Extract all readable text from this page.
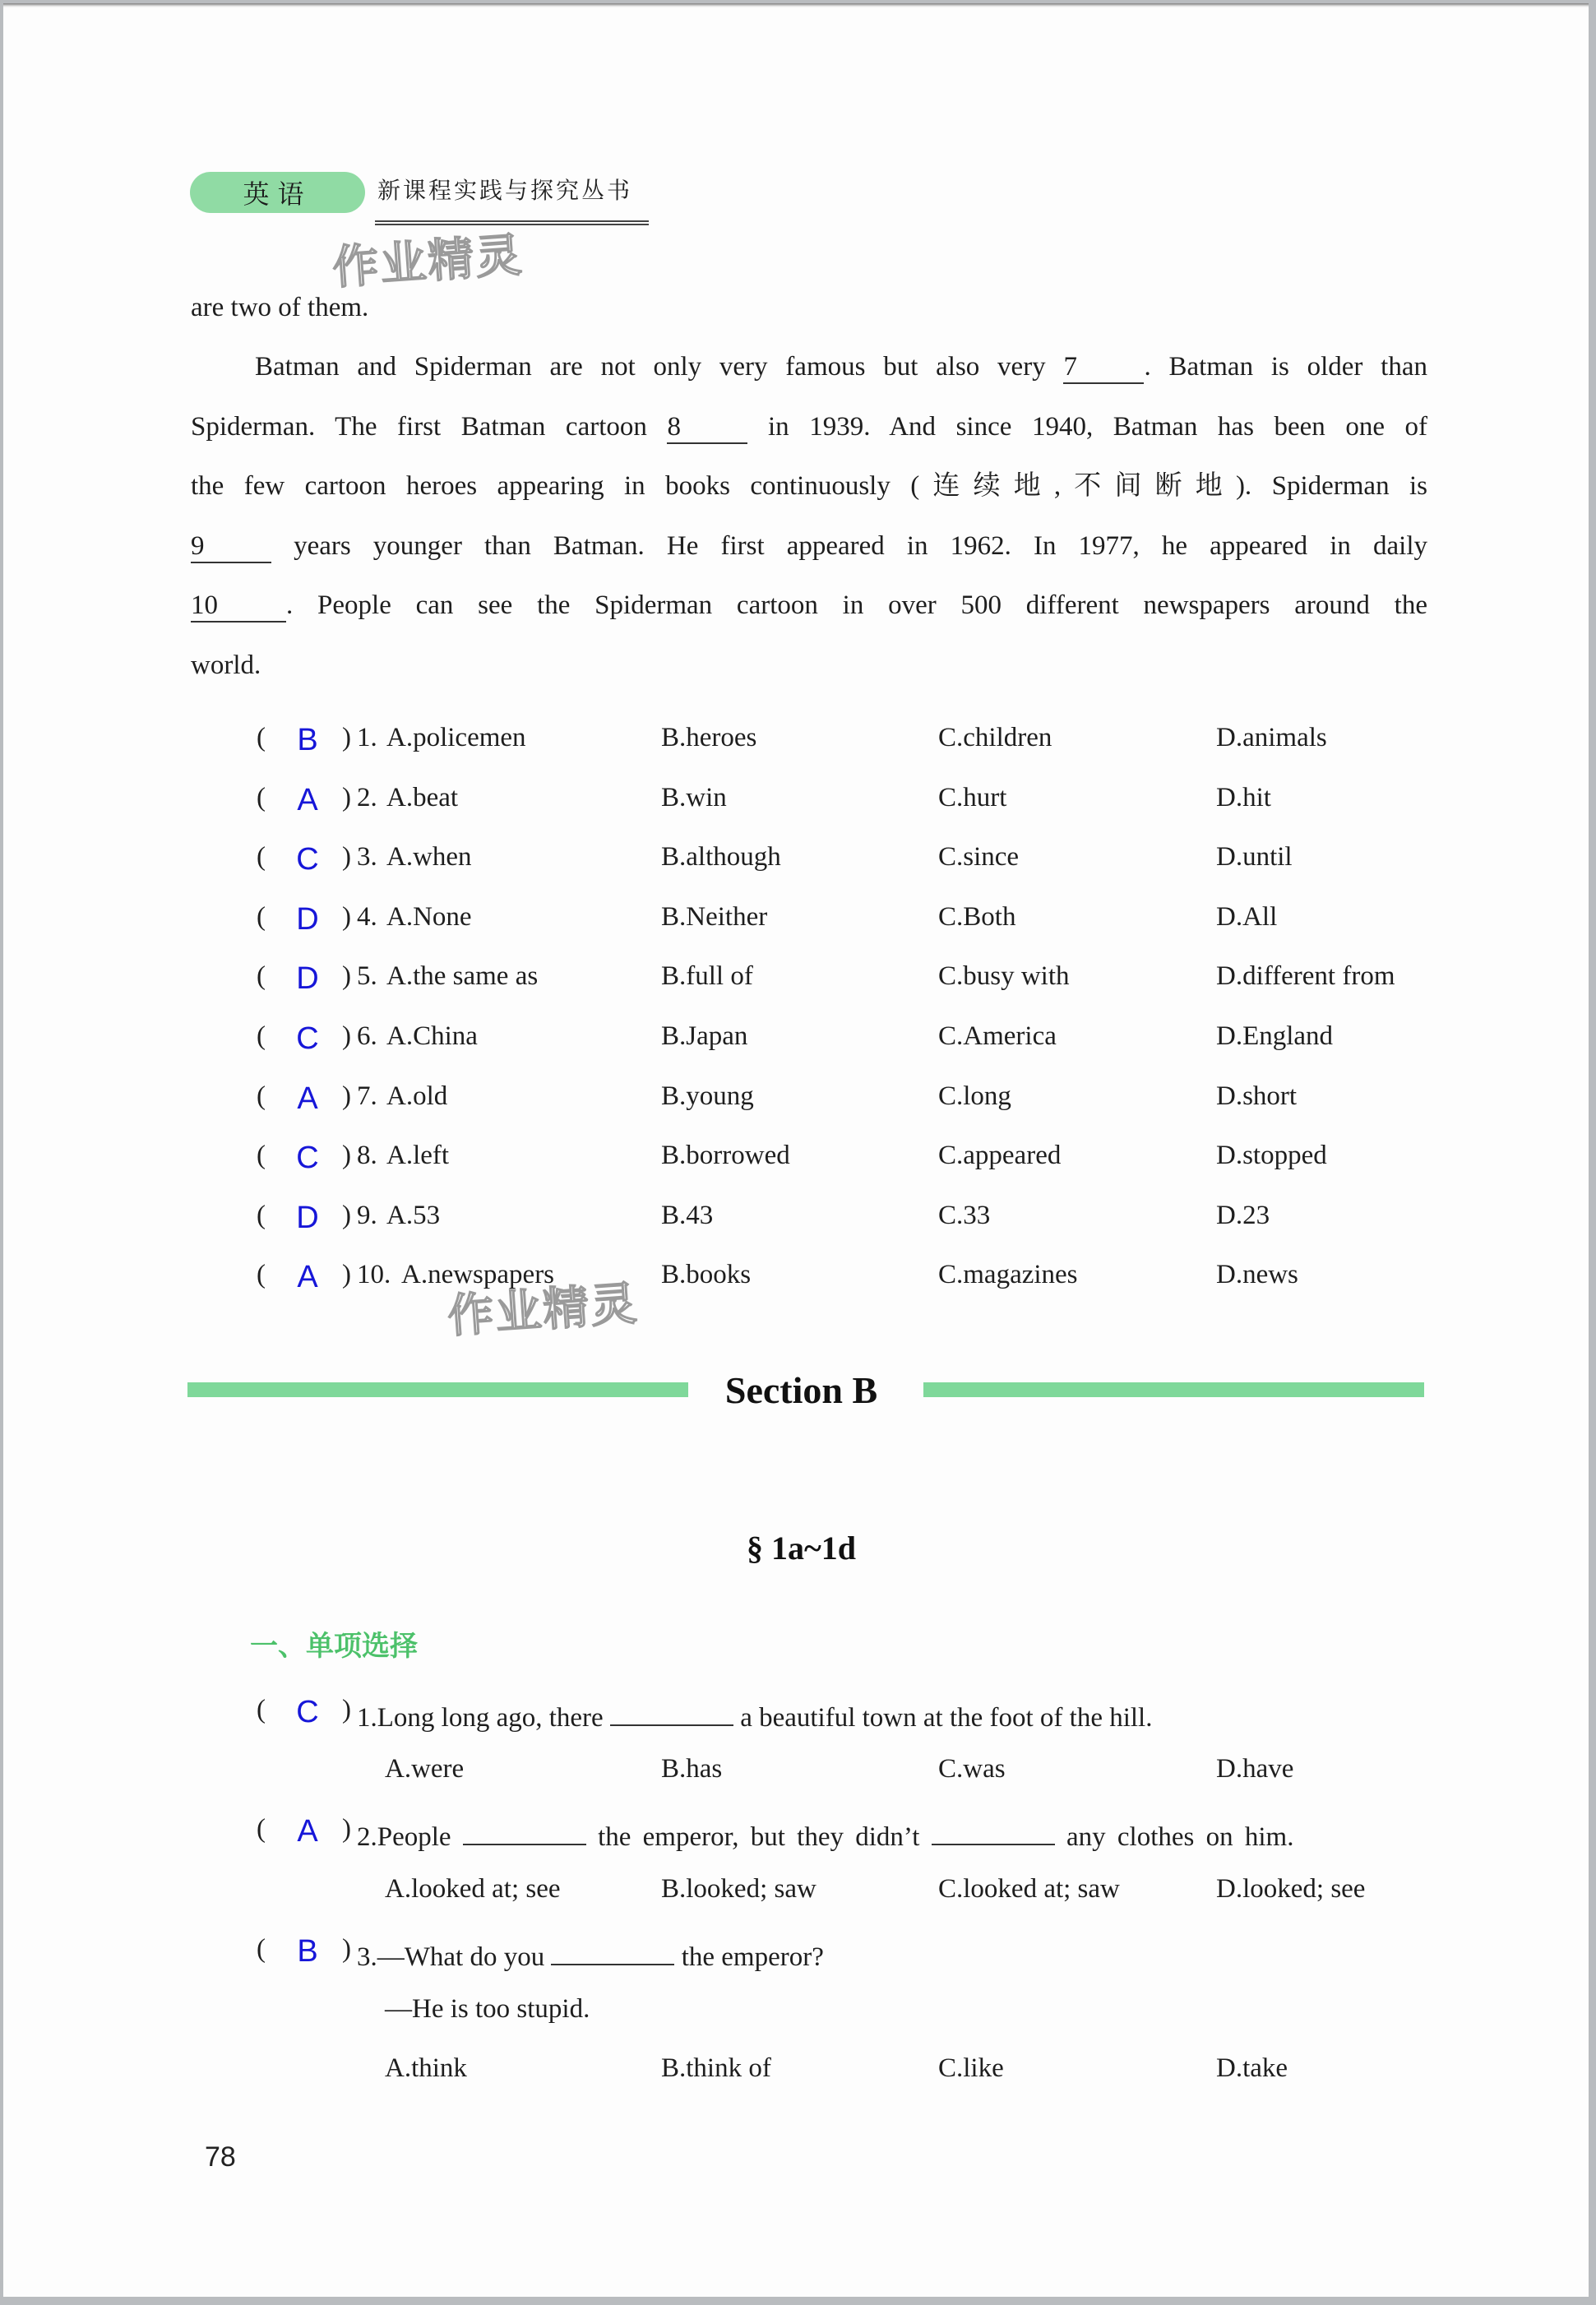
英语	新课程实践与探究丛书
作业精灵
are two of them.
Batman and Spiderman are not only very famous but also very 7 . Batman is older than
Spiderman. The first Batman cartoon 8 in 1939. And since 1940, Batman has been one of
the few cartoon heroes appearing in books continuously (连续地,不间断地). Spiderman is
9 years younger than Batman. He first appeared in 1962. In 1977, he appeared in daily
10	. People can see the Spiderman cartoon in over 500 different newspapers around the
world.
( B ) 1. A.policemen	B.heroes	C.children	D.animals
( A ) 2. A.beat	B.win	C.hurt	D.hit
( C ) 3. A.when	B.although	C.since	D.until
( D ) 4. A.None	B.Neither	C.Both	D.All
( D ) 5. A.the same as	B.full of	C.busy with	D.different from
( C ) 6. A.China	B.Japan	C.America	D.England
( A ) 7. A.old	B.young	C.long	D.short
( C ) 8. A.left	B.borrowed	C.appeared	D.stopped
( D ) 9. A.53	B.43	C.33	D.23
( A ) 10. A.newspapers	B.books	C.magazines	D.news
作业精灵
Section B
§ 1a~1d
一、单项选择
( C ) 1.Long long ago, there	a beautiful town at the foot of the hill.
A.were	B.has	C.was	D.have
( A ) 2.People	the emperor, but they didn’t	any clothes on him.
A.looked at; see	B.looked; saw	C.looked at; saw	D.looked; see
( B ) 3.—What do you	the emperor?
—He is too stupid.
A.think	B.think of	C.like	D.take
78
